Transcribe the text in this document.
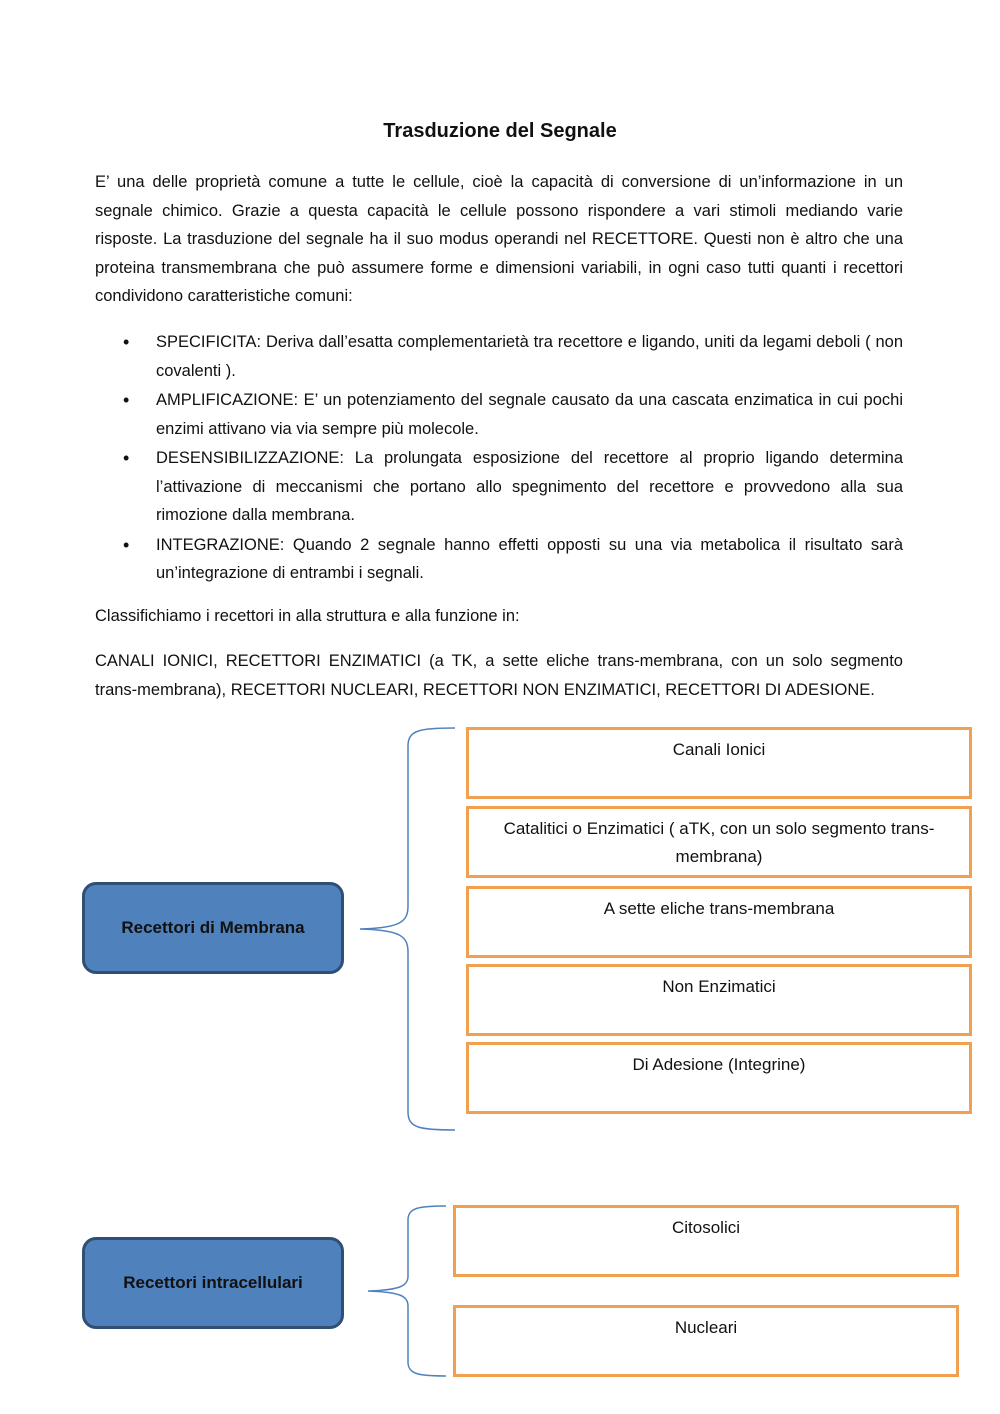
Trasduzione del Segnale

E’ una delle proprietà comune a tutte le cellule, cioè la capacità di conversione di un’informazione in un segnale chimico. Grazie a questa capacità le cellule possono rispondere a vari stimoli mediando varie risposte. La trasduzione del segnale ha il suo modus operandi nel RECETTORE. Questi non è altro che una proteina transmembrana che può assumere forme e dimensioni variabili, in ogni caso tutti quanti i recettori condividono caratteristiche comuni:

• SPECIFICITA: Deriva dall’esatta complementarietà tra recettore e ligando, uniti da legami deboli ( non covalenti ).
• AMPLIFICAZIONE: E’ un potenziamento del segnale causato da una cascata enzimatica in cui pochi enzimi attivano via via sempre più molecole.
• DESENSIBILIZZAZIONE: La prolungata esposizione del recettore al proprio ligando determina l’attivazione di meccanismi che portano allo spegnimento del recettore e provvedono alla sua rimozione dalla membrana.
• INTEGRAZIONE: Quando 2 segnale hanno effetti opposti su una via metabolica il risultato sarà un’integrazione di entrambi i segnali.

Classifichiamo i recettori in alla struttura e alla funzione in:

CANALI IONICI, RECETTORI ENZIMATICI (a TK, a sette eliche trans-membrana, con un solo segmento trans-membrana), RECETTORI NUCLEARI, RECETTORI NON ENZIMATICI, RECETTORI DI ADESIONE.

Recettori di Membrana
Canali Ionici
Catalitici o Enzimatici ( aTK, con un solo segmento trans-membrana)
A sette eliche trans-membrana
Non Enzimatici
Di Adesione (Integrine)
Recettori intracellulari
Citosolici
Nucleari
